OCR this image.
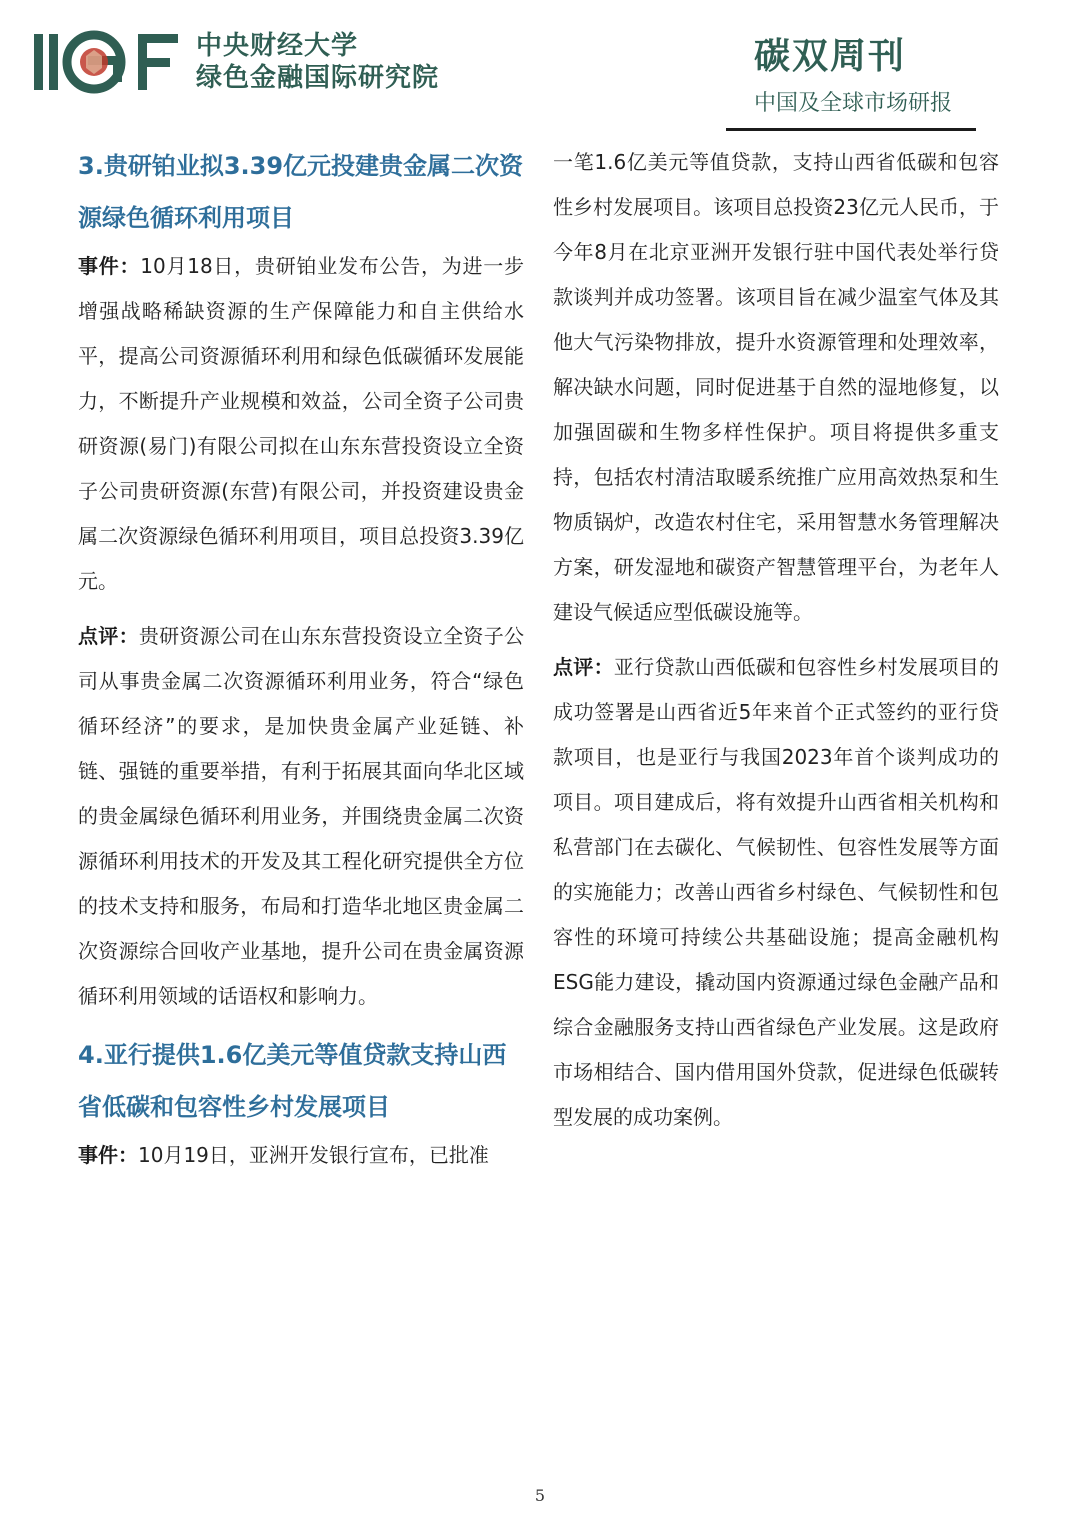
中央财经大学
绿色金融国际研究院
碳双周刊
中国及全球市场研报
3.贵研铂业拟3.39亿元投建贵金属二次资源绿色循环利用项目

事件：10月18日，贵研铂业发布公告，为进一步增强战略稀缺资源的生产保障能力和自主供给水平，提高公司资源循环利用和绿色低碳循环发展能力，不断提升产业规模和效益，公司全资子公司贵研资源(易门)有限公司拟在山东东营投资设立全资子公司贵研资源(东营)有限公司，并投资建设贵金属二次资源绿色循环利用项目，项目总投资3.39亿元。

点评：贵研资源公司在山东东营投资设立全资子公司从事贵金属二次资源循环利用业务，符合“绿色循环经济”的要求，是加快贵金属产业延链、补链、强链的重要举措，有利于拓展其面向华北区域的贵金属绿色循环利用业务，并围绕贵金属二次资源循环利用技术的开发及其工程化研究提供全方位的技术支持和服务，布局和打造华北地区贵金属二次资源综合回收产业基地，提升公司在贵金属资源循环利用领域的话语权和影响力。

4.亚行提供1.6亿美元等值贷款支持山西省低碳和包容性乡村发展项目

事件：10月19日，亚洲开发银行宣布，已批准

一笔1.6亿美元等值贷款，支持山西省低碳和包容性乡村发展项目。该项目总投资23亿元人民币，于今年8月在北京亚洲开发银行驻中国代表处举行贷款谈判并成功签署。该项目旨在减少温室气体及其他大气污染物排放，提升水资源管理和处理效率，解决缺水问题，同时促进基于自然的湿地修复，以加强固碳和生物多样性保护。项目将提供多重支持，包括农村清洁取暖系统推广应用高效热泵和生物质锅炉，改造农村住宅，采用智慧水务管理解决方案，研发湿地和碳资产智慧管理平台，为老年人建设气候适应型低碳设施等。

点评：亚行贷款山西低碳和包容性乡村发展项目的成功签署是山西省近5年来首个正式签约的亚行贷款项目，也是亚行与我国2023年首个谈判成功的项目。项目建成后，将有效提升山西省相关机构和私营部门在去碳化、气候韧性、包容性发展等方面的实施能力；改善山西省乡村绿色、气候韧性和包容性的环境可持续公共基础设施；提高金融机构ESG能力建设，撬动国内资源通过绿色金融产品和综合金融服务支持山西省绿色产业发展。这是政府市场相结合、国内借用国外贷款，促进绿色低碳转型发展的成功案例。

5
